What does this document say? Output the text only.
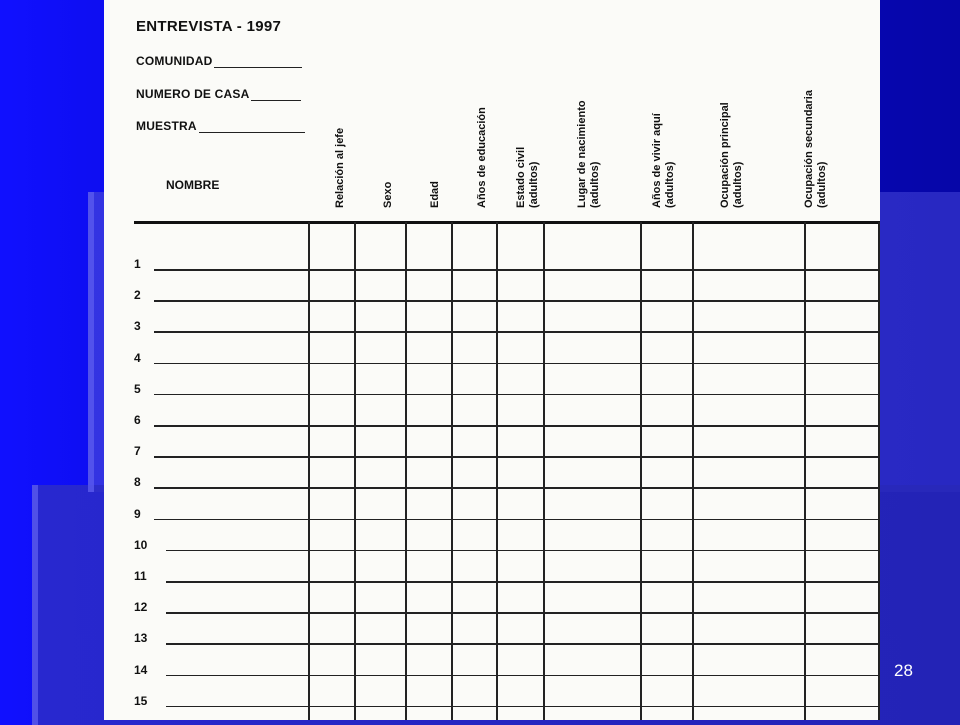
ENTREVISTA - 1997
COMUNIDAD
NUMERO DE CASA
MUESTRA
NOMBRE	Relación al jefe	Sexo	Edad	Años de educación	Estado civil (adultos)	Lugar de nacimiento (adultos)	Años de vivir aquí (adultos)	Ocupación principal (adultos)	Ocupación secundaria (adultos)
1
2
3
4
5
6
7
8
9
10
11
12
13
14
15
28
